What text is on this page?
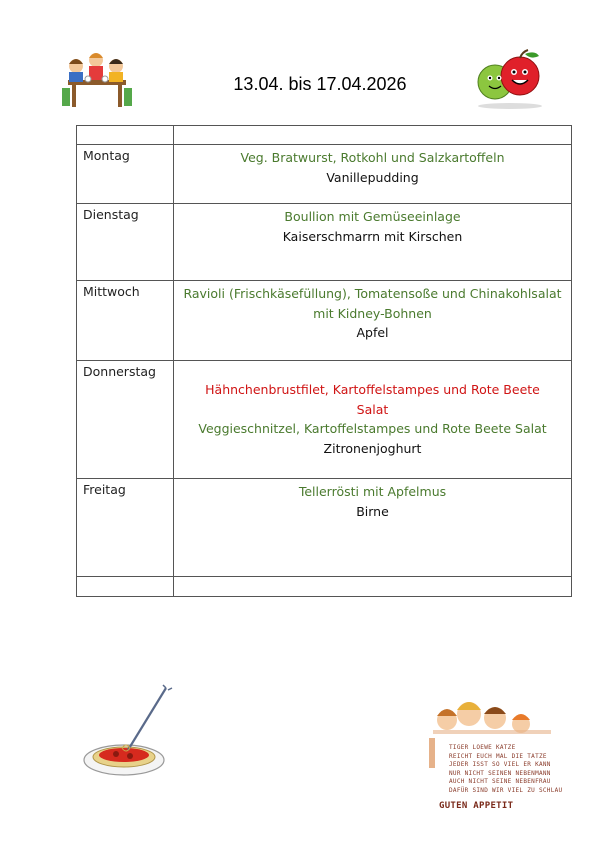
13.04. bis 17.04.2026

Montag	Veg. Bratwurst, Rotkohl und Salzkartoffeln
Vanillepudding

Dienstag	Boullion mit Gemüseeinlage
Kaiserschmarrn mit Kirschen

Mittwoch	Ravioli (Frischkäsefüllung), Tomatensoße und Chinakohlsalat mit Kidney-Bohnen
Apfel

Donnerstag	Hähnchenbrustfilet, Kartoffelstampes und Rote Beete Salat
Veggieschnitzel, Kartoffelstampes und Rote Beete Salat
Zitronenjoghurt

Freitag	Tellerrösti mit Apfelmus
Birne

TIGER LOEWE KATZE
REICHT EUCH MAL DIE TATZE
JEDER ISST SO VIEL ER KANN
NUR NICHT SEINEN NEBENMANN
AUCH NICHT SEINE NEBENFRAU
DAFÜR SIND WIR VIEL ZU SCHLAU
GUTEN APPETIT
